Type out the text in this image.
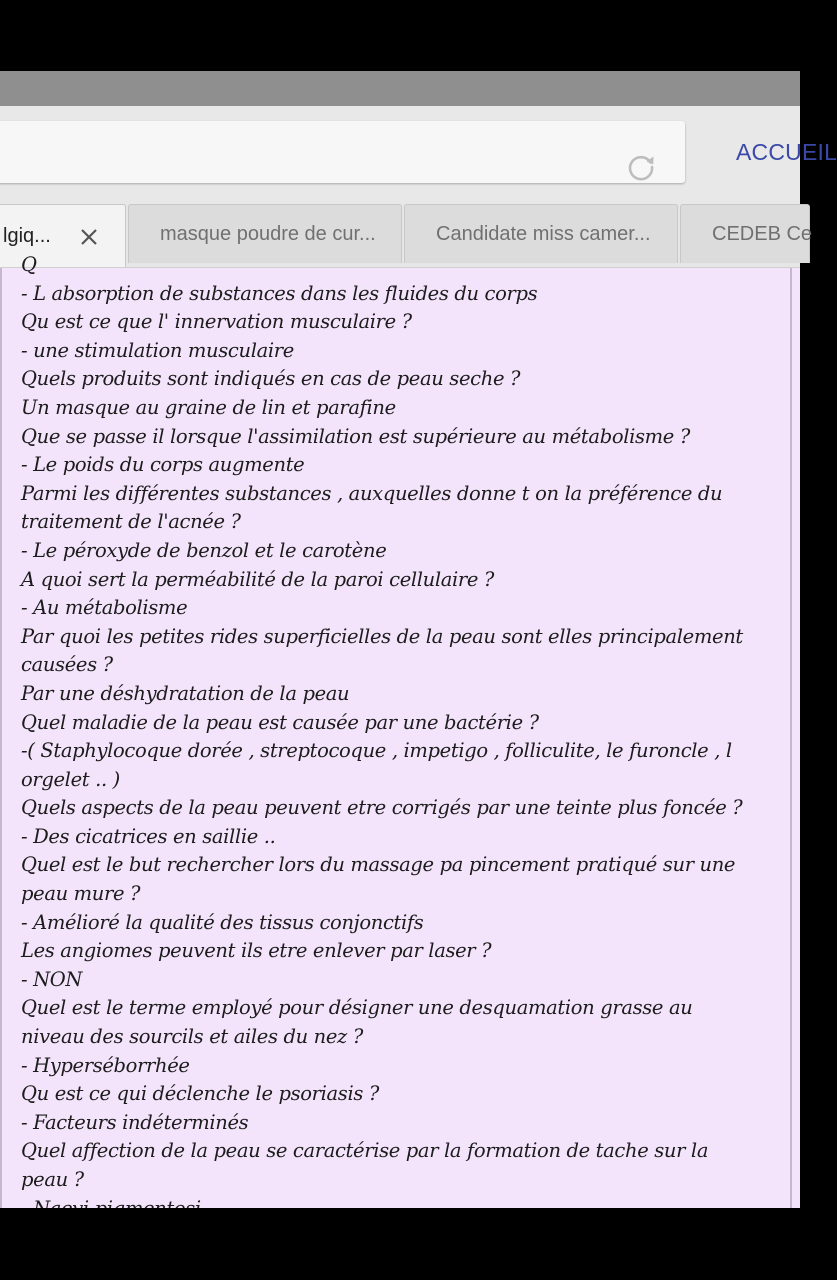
ACCUEIL
lgiq...	masque poudre de cur...	Candidate miss camer...	CEDEB Ce
Q
- L absorption de substances dans les fluides du corps
Qu est ce que l' innervation musculaire ?
- une stimulation musculaire
Quels produits sont indiqués en cas de peau seche ?
Un masque au graine de lin et parafine
Que se passe il lorsque l'assimilation est supérieure au métabolisme ?
- Le poids du corps augmente
Parmi les différentes substances , auxquelles donne t on la préférence du
traitement de l'acnée ?
- Le péroxyde de benzol et le carotène
A quoi sert la perméabilité de la paroi cellulaire ?
- Au métabolisme
Par quoi les petites rides superficielles de la peau sont elles principalement
causées ?
Par une déshydratation de la peau
Quel maladie de la peau est causée par une bactérie ?
-( Staphylocoque dorée , streptocoque , impetigo , folliculite, le furoncle , l
orgelet .. )
Quels aspects de la peau peuvent etre corrigés par une teinte plus foncée ?
- Des cicatrices en saillie ..
Quel est le but rechercher lors du massage pa pincement pratiqué sur une
peau mure ?
- Amélioré la qualité des tissus conjonctifs
Les angiomes peuvent ils etre enlever par laser ?
- NON
Quel est le terme employé pour désigner une desquamation grasse au
niveau des sourcils et ailes du nez ?
- Hyperséborrhée
Qu est ce qui déclenche le psoriasis ?
- Facteurs indéterminés
Quel affection de la peau se caractérise par la formation de tache sur la
peau ?
